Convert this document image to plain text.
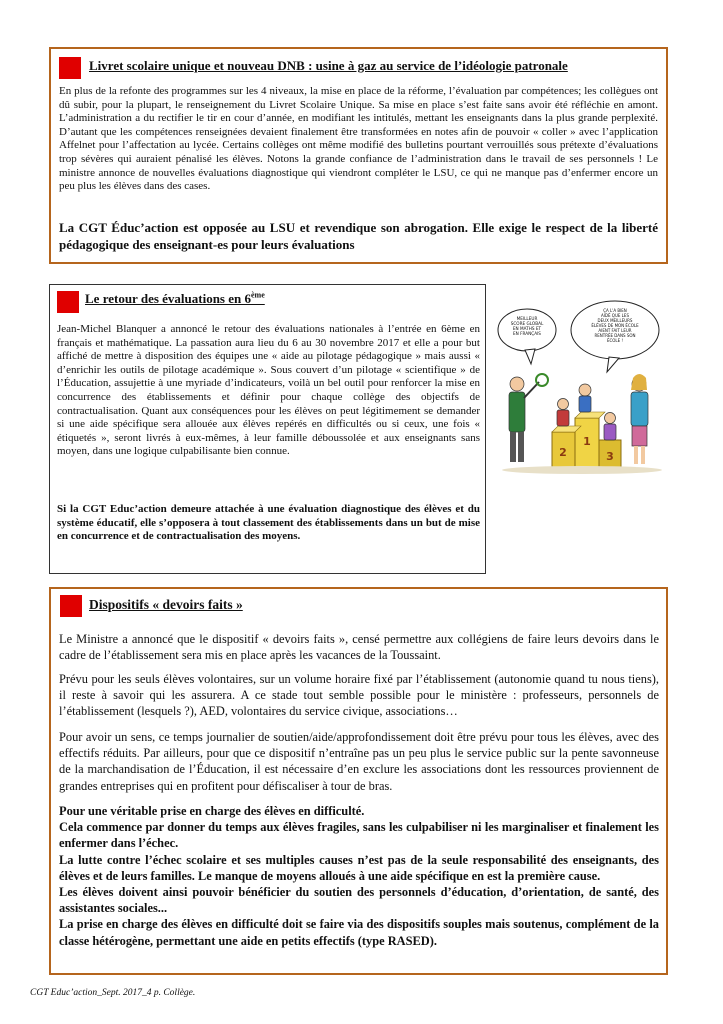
Livret scolaire unique et nouveau DNB : usine à gaz au service de l’idéologie patronale

En plus de la refonte des programmes sur les 4 niveaux, la mise en place de la réforme, l’évaluation par compétences; les collègues ont dû subir, pour la plupart, le renseignement du Livret Scolaire Unique. Sa mise en place s’est faite sans avoir été réfléchie en amont. L’administration a du rectifier le tir en cour d’année, en modifiant les intitulés, mettant les enseignants dans la plus grande perplexité. D’autant que les compétences renseignées devaient finalement être transformées en notes afin de pouvoir « coller » avec l’application Affelnet pour l’affectation au lycée. Certains collèges ont même modifié des bulletins pourtant verrouillés sous prétexte d’évaluations trop sévères qui auraient pénalisé les élèves. Notons la grande confiance de l’administration dans le travail de ses personnels ! Le ministre annonce de nouvelles évaluations diagnostique qui viendront compléter le LSU, ce qui ne manque pas d’enfermer encore un peu plus les élèves dans des cases.

La CGT Éduc’action est opposée au LSU et revendique son abrogation. Elle exige le respect de la liberté pédagogique des enseignant-es pour leurs évaluations

Le retour des évaluations en 6ème

Jean-Michel Blanquer a annoncé le retour des évaluations nationales à l’entrée en 6ème en français et mathématique. La passation aura lieu du 6 au 30 novembre 2017 et elle a pour but affiché de mettre à disposition des équipes une « aide au pilotage pédagogique » mais aussi « d’enrichir les outils de pilotage académique ». Sous couvert d’un pilotage « scientifique » de l’Éducation, assujettie à une myriade d’indicateurs, voilà un bel outil pour renforcer la mise en concurrence des établissements et définir pour chaque collège des objectifs de contractualisation. Quant aux conséquences pour les élèves on peut légitimement se demander si une aide spécifique sera allouée aux élèves repérés en difficultés ou si ceux, une fois « étiquetés », seront livrés à eux-mêmes, à leur famille déboussolée et aux enseignants sans moyen, dans une logique culpabilisante bien connue.

Si la CGT Educ’action demeure attachée à une évaluation diagnostique des élèves et du système éducatif, elle s’opposera à tout classement des établissements dans un but de mise en concurrence et de contractualisation des moyens.

MEILLEUR SCORE GLOBAL EN MATHS ET EN FRANÇAIS
ÇA L'A BIEN AIDÉ QUE LES DEUX MEILLEURS ÉLÈVES DE MON ÉCOLE AIENT FAIT LEUR RENTRÉE DANS SON ÉCOLE !
2
1
3
Dispositifs « devoirs faits »

Le Ministre a annoncé que le dispositif « devoirs faits », censé permettre aux collégiens de faire leurs devoirs dans le cadre de l’établissement sera mis en place après les vacances de la Toussaint.

Prévu pour les seuls élèves volontaires, sur un volume horaire fixé par l’établissement (autonomie quand tu nous tiens), il reste à savoir qui les assurera. A ce stade tout semble possible pour le ministère : professeurs, personnels de l’établissement (lesquels ?), AED, volontaires du service civique, associations…

Pour avoir un sens, ce temps journalier de soutien/aide/approfondissement doit être prévu pour tous les élèves, avec des effectifs réduits. Par ailleurs, pour que ce dispositif n’entraîne pas un peu plus le service public sur la pente savonneuse de la marchandisation de l’Éducation, il est nécessaire d’en exclure les associations dont les ressources proviennent de grandes entreprises qui en profitent pour défiscaliser à tour de bras.

Pour une véritable prise en charge des élèves en difficulté.

Cela commence par donner du temps aux élèves fragiles, sans les culpabiliser ni les marginaliser et finalement les enfermer dans l’échec.

La lutte contre l’échec scolaire et ses multiples causes n’est pas de la seule responsabilité des enseignants, des élèves et de leurs familles. Le manque de moyens alloués à une aide spécifique en est la première cause.

Les élèves doivent ainsi pouvoir bénéficier du soutien des personnels d’éducation, d’orientation, de santé, des assistantes sociales...

La prise en charge des élèves en difficulté doit se faire via des dispositifs souples mais soutenus, complément de la classe hétérogène, permettant une aide en petits effectifs (type RASED).

CGT Educ’action_Sept. 2017_4 p. Collège.
